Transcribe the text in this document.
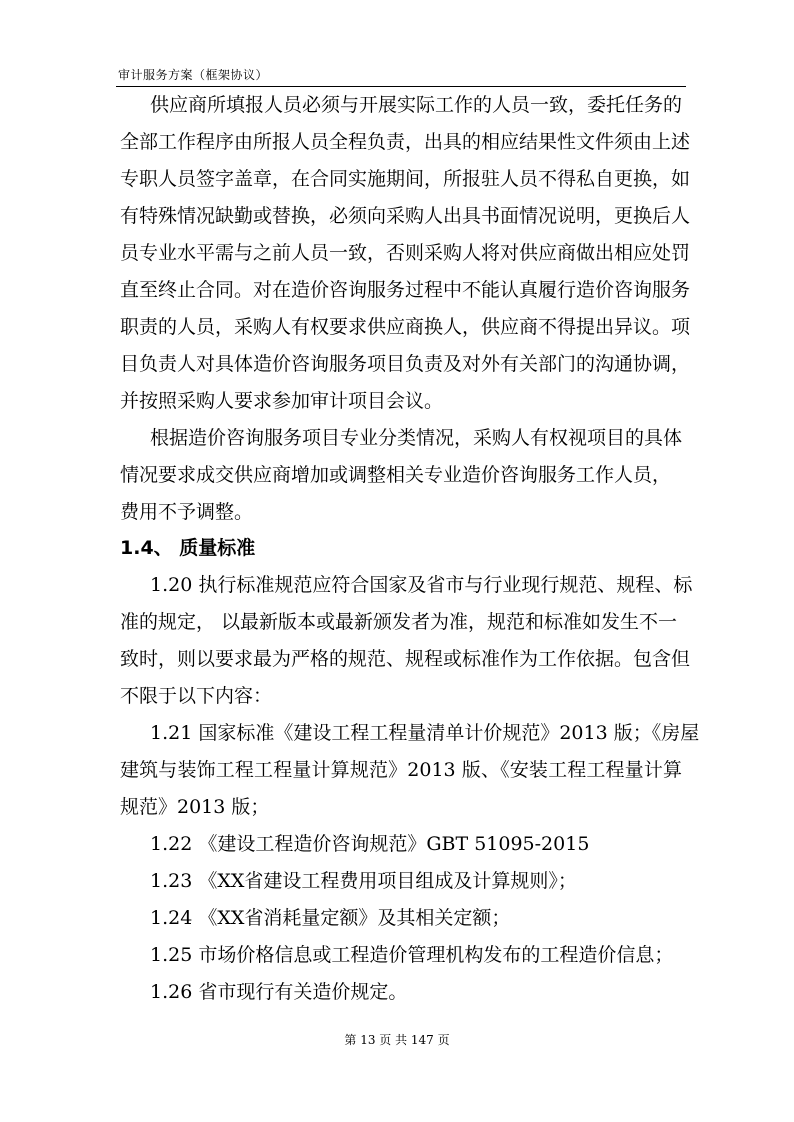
审计服务方案（框架协议）
供应商所填报人员必须与开展实际工作的人员一致，委托任务的
全部工作程序由所报人员全程负责，出具的相应结果性文件须由上述
专职人员签字盖章，在合同实施期间，所报驻人员不得私自更换，如
有特殊情况缺勤或替换，必须向采购人出具书面情况说明，更换后人
员专业水平需与之前人员一致，否则采购人将对供应商做出相应处罚
直至终止合同。对在造价咨询服务过程中不能认真履行造价咨询服务
职责的人员，采购人有权要求供应商换人，供应商不得提出异议。项
目负责人对具体造价咨询服务项目负责及对外有关部门的沟通协调，
并按照采购人要求参加审计项目会议。
根据造价咨询服务项目专业分类情况，采购人有权视项目的具体
情况要求成交供应商增加或调整相关专业造价咨询服务工作人员，
费用不予调整。
1.4、 质量标准
1.20 执行标准规范应符合国家及省市与行业现行规范、规程、标
准的规定， 以最新版本或最新颁发者为准，规范和标准如发生不一
致时，则以要求最为严格的规范、规程或标准作为工作依据。包含但
不限于以下内容：
1.21 国家标准《建设工程工程量清单计价规范》2013 版；《房屋
建筑与装饰工程工程量计算规范》2013 版、《安装工程工程量计算
规范》2013 版；
1.22 《建设工程造价咨询规范》GBT 51095-2015
1.23 《XX省建设工程费用项目组成及计算规则》；
1.24 《XX省消耗量定额》及其相关定额；
1.25 市场价格信息或工程造价管理机构发布的工程造价信息；
1.26 省市现行有关造价规定。
第 13 页 共 147 页
